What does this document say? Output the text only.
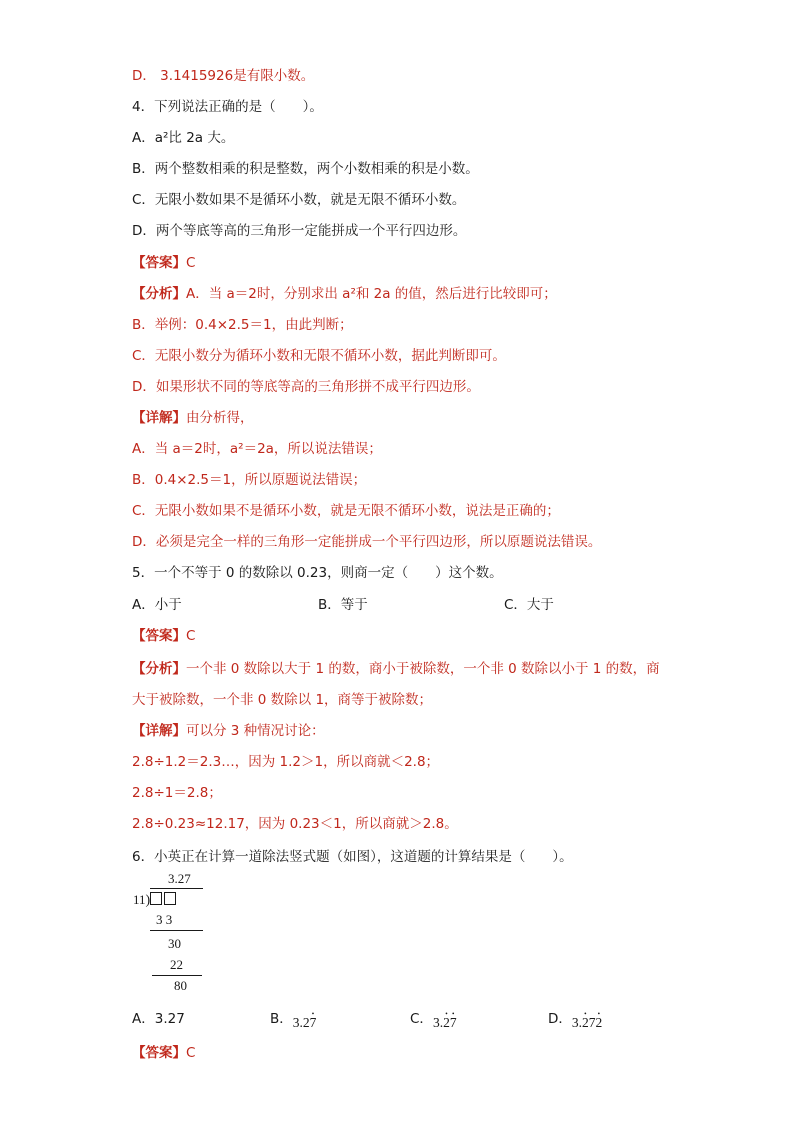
D． 3.1415926是有限小数。
4．下列说法正确的是（　　）。
A．a²比 2a 大。
B．两个整数相乘的积是整数，两个小数相乘的积是小数。
C．无限小数如果不是循环小数，就是无限不循环小数。
D．两个等底等高的三角形一定能拼成一个平行四边形。
【答案】C
【分析】A．当 a＝2时，分别求出 a²和 2a 的值，然后进行比较即可；
B．举例：0.4×2.5＝1，由此判断；
C．无限小数分为循环小数和无限不循环小数，据此判断即可。
D．如果形状不同的等底等高的三角形拼不成平行四边形。
【详解】由分析得，
A．当 a＝2时，a²＝2a，所以说法错误；
B．0.4×2.5＝1，所以原题说法错误；
C．无限小数如果不是循环小数，就是无限不循环小数，说法是正确的；
D．必须是完全一样的三角形一定能拼成一个平行四边形，所以原题说法错误。
5．一个不等于 0 的数除以 0.23，则商一定（　　）这个数。
A．小于	B．等于	C．大于
【答案】C
【分析】一个非 0 数除以大于 1 的数，商小于被除数，一个非 0 数除以小于 1 的数，商
大于被除数，一个非 0 数除以 1，商等于被除数；
【详解】可以分 3 种情况讨论：
2.8÷1.2＝2.3…，因为 1.2＞1，所以商就＜2.8；
2.8÷1＝2.8；
2.8÷0.23≈12.17，因为 0.23＜1，所以商就＞2.8。
6．小英正在计算一道除法竖式题（如图），这道题的计算结果是（　　）。
3.27
11)
3 3
30
22
80
A．3.27	B．3.27 •	C．3.2 •7 •	D．3.2 •72 •
【答案】C
